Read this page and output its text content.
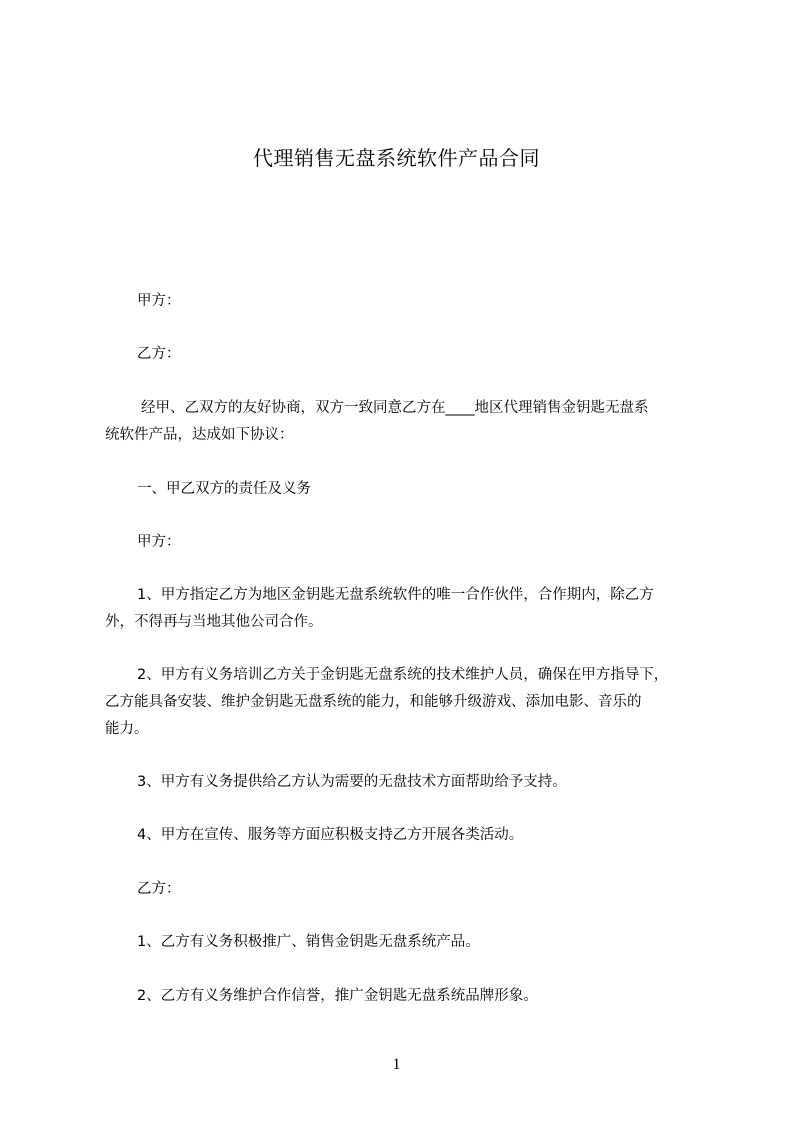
代理销售无盘系统软件产品合同
甲方：
乙方：
经甲、乙双方的友好协商，双方一致同意乙方在____地区代理销售金钥匙无盘系
统软件产品，达成如下协议：
一、甲乙双方的责任及义务
甲方：
1、甲方指定乙方为地区金钥匙无盘系统软件的唯一合作伙伴，合作期内，除乙方
外，不得再与当地其他公司合作。
2、甲方有义务培训乙方关于金钥匙无盘系统的技术维护人员，确保在甲方指导下，
乙方能具备安装、维护金钥匙无盘系统的能力，和能够升级游戏、添加电影、音乐的
能力。
3、甲方有义务提供给乙方认为需要的无盘技术方面帮助给予支持。
4、甲方在宣传、服务等方面应积极支持乙方开展各类活动。
乙方：
1、乙方有义务积极推广、销售金钥匙无盘系统产品。
2、乙方有义务维护合作信誉，推广金钥匙无盘系统品牌形象。
1
